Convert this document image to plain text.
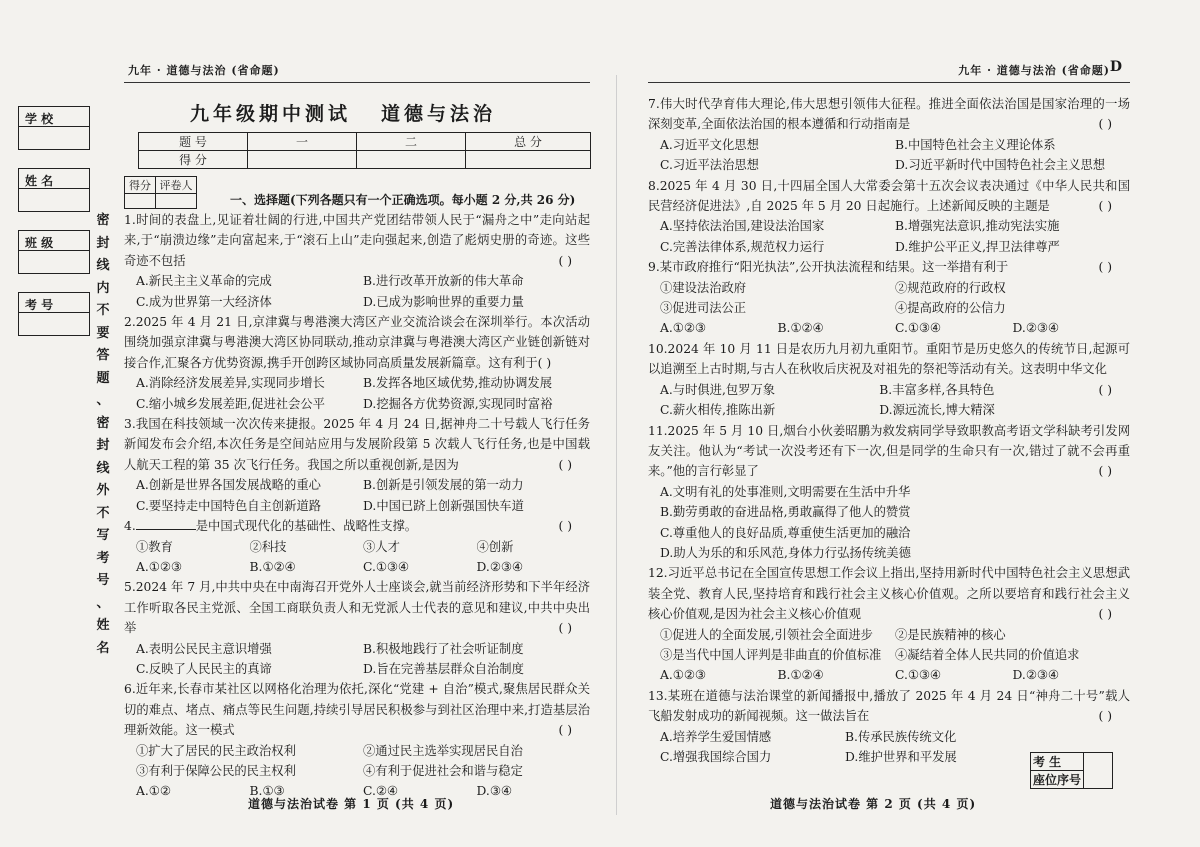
九年 · 道德与法治 (省命题)	九年 · 道德与法治 (省命题) D
学 校
姓 名
班 级
考 号
密
封
线
内
不
要
答
题
、
密
封
线
外
不
写
考
号
、
姓
名
九年级期中测试 道德与法治
题 号	一	二	总 分
得 分			
得分	评卷人

一、选择题(下列各题只有一个正确选项。每小题 2 分,共 26 分)

1.时间的表盘上,见证着壮阔的行进,中国共产党团结带领人民于“漏舟之中”走向站起来,于“崩溃边缘”走向富起来,于“滚石上山”走向强起来,创造了彪炳史册的奇迹。这些奇迹不包括	( )

A.新民主主义革命的完成	B.进行改革开放新的伟大革命
C.成为世界第一大经济体	D.已成为影响世界的重要力量

2.2025 年 4 月 21 日,京津冀与粤港澳大湾区产业交流洽谈会在深圳举行。本次活动围绕加强京津冀与粤港澳大湾区协同联动,推动京津冀与粤港澳大湾区产业链创新链对接合作,汇聚各方优势资源,携手开创跨区域协同高质量发展新篇章。这有利于( )

A.消除经济发展差异,实现同步增长	B.发挥各地区域优势,推动协调发展
C.缩小城乡发展差距,促进社会公平	D.挖掘各方优势资源,实现同时富裕

3.我国在科技领域一次次传来捷报。2025 年 4 月 24 日,据神舟二十号载人飞行任务新闻发布会介绍,本次任务是空间站应用与发展阶段第 5 次载人飞行任务,也是中国载人航天工程的第 35 次飞行任务。我国之所以重视创新,是因为	( )

A.创新是世界各国发展战略的重心	B.创新是引领发展的第一动力
C.要坚持走中国特色自主创新道路	D.中国已跻上创新强国快车道

4.	是中国式现代化的基础性、战略性支撑。	( )

①教育	②科技	③人才	④创新
A.①②③	B.①②④	C.①③④	D.②③④

5.2024 年 7 月,中共中央在中南海召开党外人士座谈会,就当前经济形势和下半年经济工作听取各民主党派、全国工商联负责人和无党派人士代表的意见和建议,中共中央出举	( )

A.表明公民民主意识增强	B.积极地践行了社会听证制度
C.反映了人民民主的真谛	D.旨在完善基层群众自治制度

6.近年来,长春市某社区以网格化治理为依托,深化“党建 + 自治”模式,聚焦居民群众关切的难点、堵点、痛点等民生问题,持续引导居民积极参与到社区治理中来,打造基层治理新效能。这一模式	( )

①扩大了居民的民主政治权利	②通过民主选举实现居民自治
③有利于保障公民的民主权利	④有利于促进社会和谐与稳定
A.①②	B.①③	C.②④	D.③④

7.伟大时代孕育伟大理论,伟大思想引领伟大征程。推进全面依法治国是国家治理的一场深刻变革,全面依法治国的根本遵循和行动指南是	( )

A.习近平文化思想	B.中国特色社会主义理论体系
C.习近平法治思想	D.习近平新时代中国特色社会主义思想

8.2025 年 4 月 30 日,十四届全国人大常委会第十五次会议表决通过《中华人民共和国民营经济促进法》,自 2025 年 5 月 20 日起施行。上述新闻反映的主题是	( )

A.坚持依法治国,建设法治国家	B.增强宪法意识,推动宪法实施
C.完善法律体系,规范权力运行	D.维护公平正义,捍卫法律尊严

9.某市政府推行“阳光执法”,公开执法流程和结果。这一举措有利于	( )

①建设法治政府	②规范政府的行政权
③促进司法公正	④提高政府的公信力
A.①②③	B.①②④	C.①③④	D.②③④

10.2024 年 10 月 11 日是农历九月初九重阳节。重阳节是历史悠久的传统节日,起源可以追溯至上古时期,与古人在秋收后庆祝及对祖先的祭祀等活动有关。这表明中华文化
( )

A.与时俱进,包罗万象	B.丰富多样,各具特色
C.薪火相传,推陈出新	D.源远流长,博大精深

11.2025 年 5 月 10 日,烟台小伙姜昭鹏为救发病同学导致职教高考语文学科缺考引发网友关注。他认为“考试一次没考还有下一次,但是同学的生命只有一次,错过了就不会再重来。”他的言行彰显了	( )

A.文明有礼的处事准则,文明需要在生活中升华
B.勤劳勇敢的奋进品格,勇敢赢得了他人的赞赏
C.尊重他人的良好品质,尊重使生活更加的融洽
D.助人为乐的和乐风范,身体力行弘扬传统美德

12.习近平总书记在全国宣传思想工作会议上指出,坚持用新时代中国特色社会主义思想武装全党、教育人民,坚持培育和践行社会主义核心价值观。之所以要培育和践行社会主义核心价值观,是因为社会主义核心价值观	( )

①促进人的全面发展,引领社会全面进步	②是民族精神的核心
③是当代中国人评判是非曲直的价值标准	④凝结着全体人民共同的价值追求
A.①②③	B.①②④	C.①③④	D.②③④

13.某班在道德与法治课堂的新闻播报中,播放了 2025 年 4 月 24 日“神舟二十号”载人飞船发射成功的新闻视频。这一做法旨在	( )

A.培养学生爱国情感	B.传承民族传统文化
C.增强我国综合国力	D.维护世界和平发展	考 生	
座位序号
道德与法治试卷 第 1 页 (共 4 页)	道德与法治试卷 第 2 页 (共 4 页)
